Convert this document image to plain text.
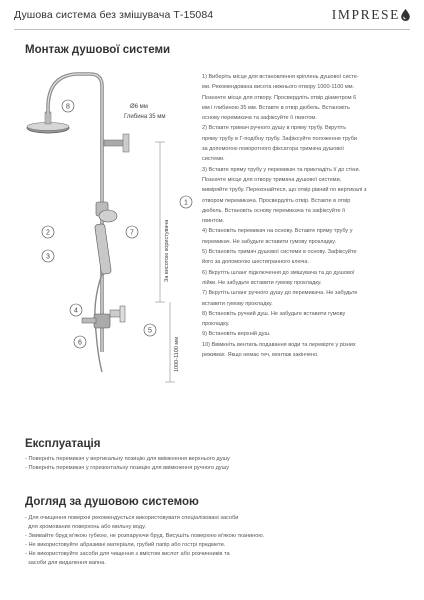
Душова система без змішувача Т-15084	IMPRESE
Монтаж душової системи
1
2
3
4
5
6
7
8	Ø6 мм
Глибина 35 мм
За висотою користувача
1000-1100 мм
1) Виберіть місце для встановлення кріплень душової систе-
ми. Рекомендована висота нижнього отвору 1000-1100 мм.
Позначте місце для отвору. Просвердліть отвір діаметром 6
мм і глибиною 35 мм. Вставте в отвір дюбель. Встановіть
основу перемикача та зафіксуйте її гвинтом.
2) Вставте тримач ручного душу в пряму трубу. Вкрутіть
пряму трубу в Г-подібну трубу. Зафіксуйте положення труби
за допомогою поворотного фіксатора тримача душової
системи.
3) Вставте пряму трубу у перемикач та прикладіть її до стіни.
Позначте місце для отвору тримача душової системи,
виміряйте трубу. Переконайтеся, що отвір рівний по вертикалі з
отвором перемикача. Просвердліть отвір. Вставте в отвір
дюбель. Встановіть основу перемикача та зафіксуйте її
гвинтом.
4) Встановіть перемикач на основу. Вставте пряму трубу у
перемикач. Не забудьте вставити гумову прокладку.
5) Встановіть тримач душової системи в основу. Зафіксуйте
його за допомогою шестигранного ключа.
6) Вкрутіть шланг підключення до змішувача та до душової
лійки. Не забудьте вставити гумову прокладку.
7) Вкрутіть шланг ручного душу до перемикача. Не забудьте
вставити гумову прокладку.
8) Встановіть ручний душ. Не забудьте вставити гумову
прокладку.
9) Встановіть верхній душ.
10) Ввімкніть вентиль подавання води та перевірте у різних
режимах. Якщо немає теч, монтаж закінчено.
Експлуатація
- Поверніть перемикач у вертикальну позицію для ввімкнення верхнього душу
- Поверніть перемикач у горизонтальну позицію для ввімкнення ручного душу
Догляд за душовою системою
- Для очищення поверхні рекомендується використовувати спеціалізовані засоби
для хромованих поверхонь або мильну воду.
- Змивайте бруд м'якою губкою, не розпаруючи бруд. Висушіть поверхню м'якою тканиною.
- Не використовуйте абразивні матеріали, грубий папір або гострі предмети.
- Не використовуйте засоби для чищення з вмістом кислот або розчинників та
засоби для видалення вапна.
